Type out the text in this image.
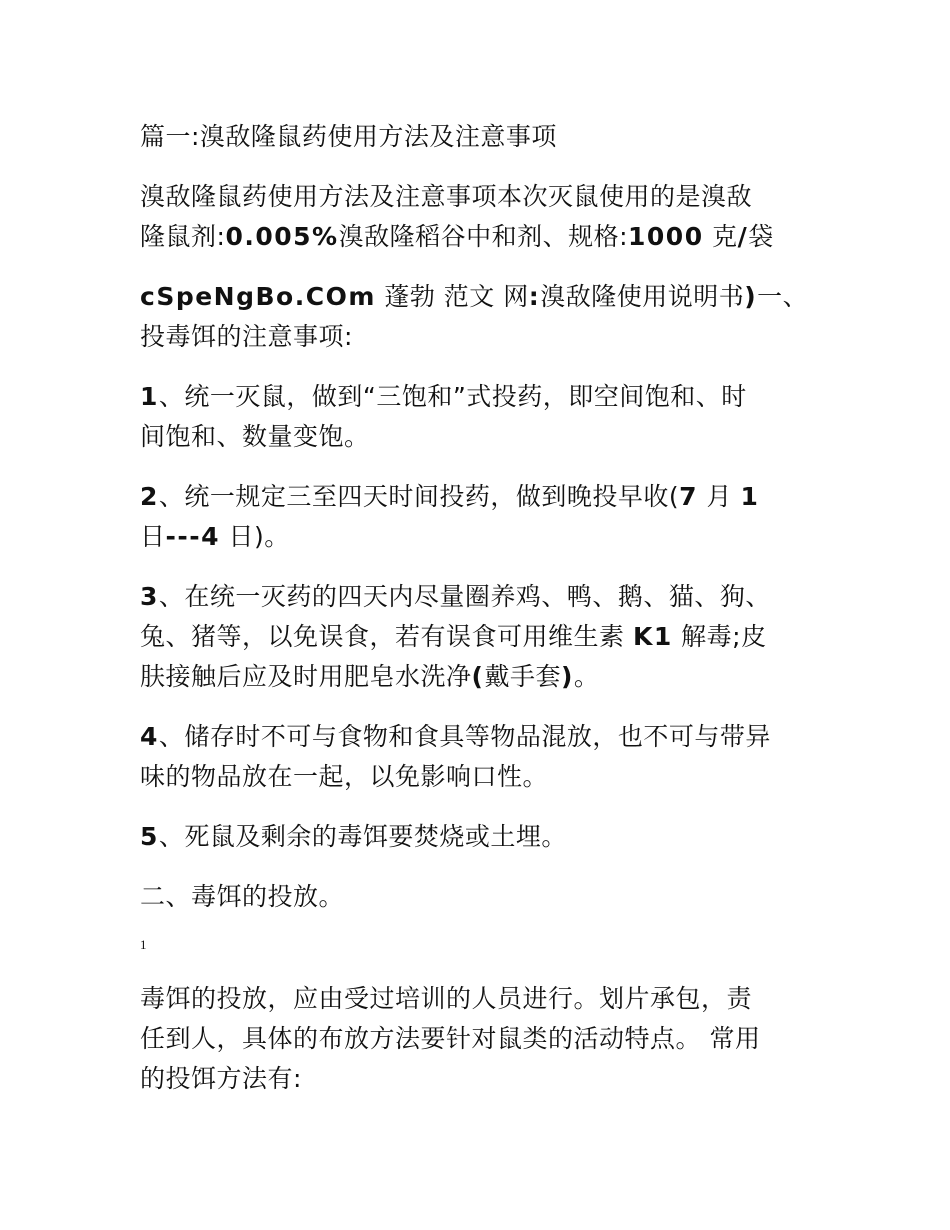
篇一:溴敌隆鼠药使用方法及注意事项
溴敌隆鼠药使用方法及注意事项本次灭鼠使用的是溴敌
隆鼠剂:0.005%溴敌隆稻谷中和剂、规格:1000 克/袋
cSpeNgBo.COm 蓬勃 范文 网:溴敌隆使用说明书)一、
投毒饵的注意事项:
1、统一灭鼠，做到“三饱和”式投药，即空间饱和、时
间饱和、数量变饱。
2、统一规定三至四天时间投药，做到晚投早收(7 月 1
日---4 日)。
3、在统一灭药的四天内尽量圈养鸡、鸭、鹅、猫、狗、
兔、猪等，以免误食，若有误食可用维生素 K1 解毒;皮
肤接触后应及时用肥皂水洗净(戴手套)。
4、储存时不可与食物和食具等物品混放，也不可与带异
味的物品放在一起，以免影响口性。
5、死鼠及剩余的毒饵要焚烧或土埋。
二、毒饵的投放。
1
毒饵的投放，应由受过培训的人员进行。划片承包，责
任到人，具体的布放方法要针对鼠类的活动特点。 常用
的投饵方法有:
